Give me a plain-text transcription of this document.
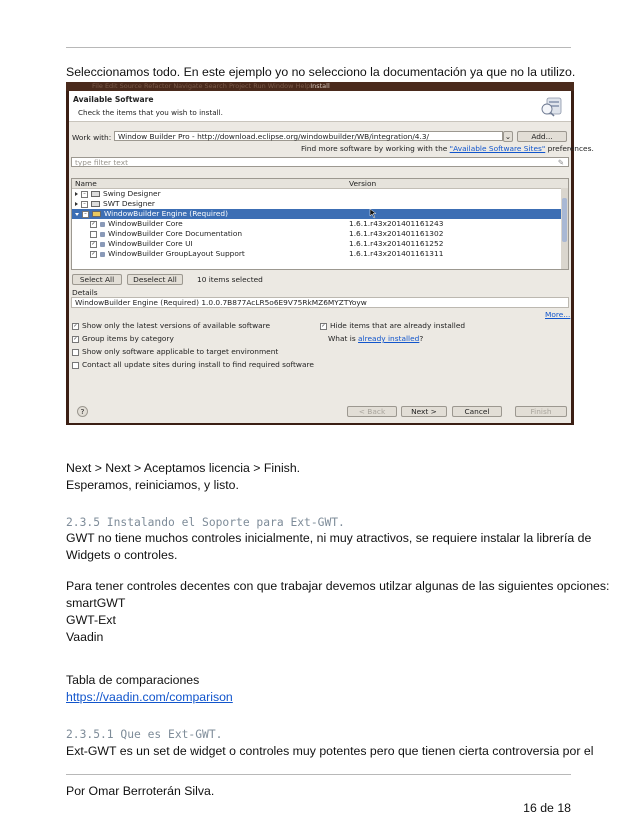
Seleccionamos todo. En este ejemplo yo no selecciono la documentación ya que no la utilizo.
File Edit Source Refactor Navigate Search Project Run Window Help Install
Available Software
Check the items that you wish to install.
Work with: Window Builder Pro - http://download.eclipse.org/windowbuilder/WB/integration/4.3/	⌄	Add...
Find more software by working with the "Available Software Sites" preferences.
type filter text	✎
Name	Version
– Swing Designer
– SWT Designer
– WindowBuilder Engine (Required)
✓ WindowBuilder Core	1.6.1.r43x201401161243
WindowBuilder Core Documentation	1.6.1.r43x201401161302
✓ WindowBuilder Core UI	1.6.1.r43x201401161252
✓ WindowBuilder GroupLayout Support	1.6.1.r43x201401161311
Select All	Deselect All	10 items selected
Details
WindowBuilder Engine (Required) 1.0.0.7B877AcLR5o6E9V75RkMZ6MYZTYoyw
More...
✓ Show only the latest versions of available software
✓ Group items by category
Show only software applicable to target environment
Contact all update sites during install to find required software
✓ Hide items that are already installed
What is already installed?
?	< Back	Next >	Cancel	Finish
Next > Next > Aceptamos licencia > Finish.
Esperamos, reiniciamos, y listo.
2.3.5 Instalando el Soporte para Ext-GWT.
GWT no tiene muchos controles inicialmente, ni muy atractivos, se requiere instalar la librería de
Widgets o controles.
Para tener controles decentes con que trabajar devemos utilzar algunas de las siguientes opciones:
smartGWT
GWT-Ext
Vaadin
Tabla de comparaciones
https://vaadin.com/comparison
2.3.5.1 Que es Ext-GWT.
Ext-GWT es un set de widget o controles muy potentes pero que tienen cierta controversia por el
Por Omar Berroterán Silva.
16 de 18
